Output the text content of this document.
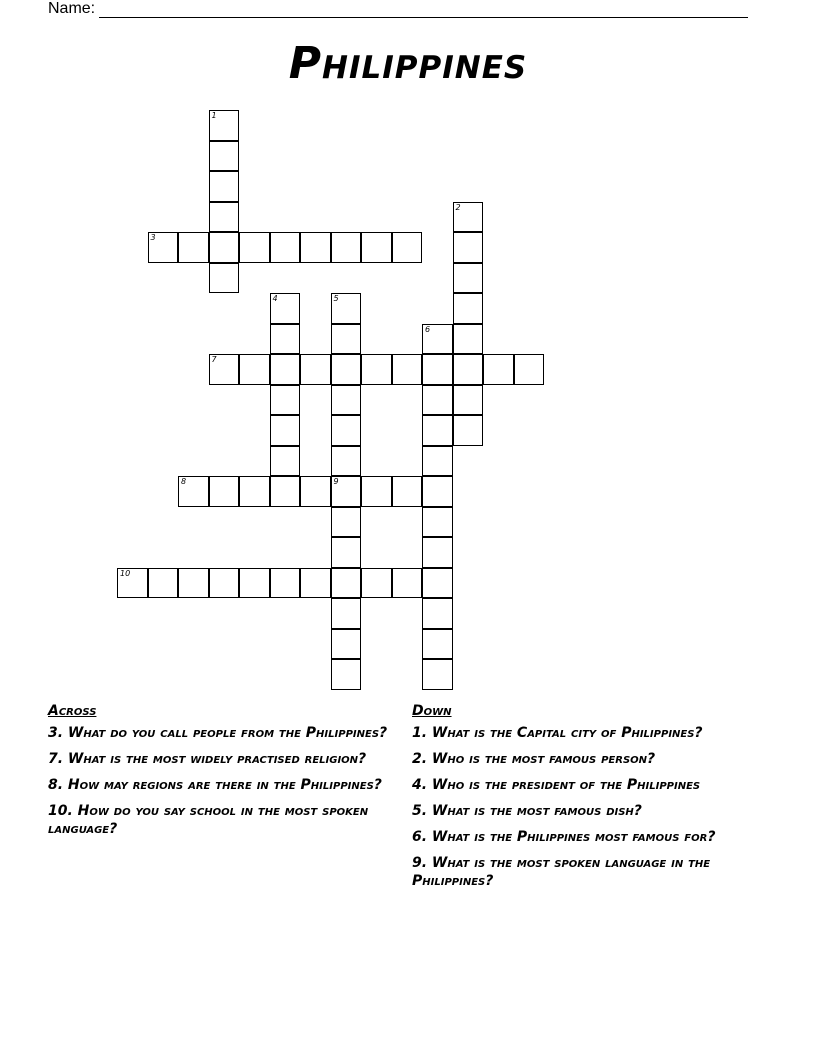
Name:
Philippines
1
2
3
4	5
6
7
8	9
10
Across
3. What do you call people from the Philippines?
7. What is the most widely practised religion?
8. How may regions are there in the Philippines?
10. How do you say school in the most spoken language?
Down
1. What is the Capital city of Philippines?
2. Who is the most famous person?
4. Who is the president of the Philippines
5. What is the most famous dish?
6. What is the Philippines most famous for?
9. What is the most spoken language in the Philippines?
